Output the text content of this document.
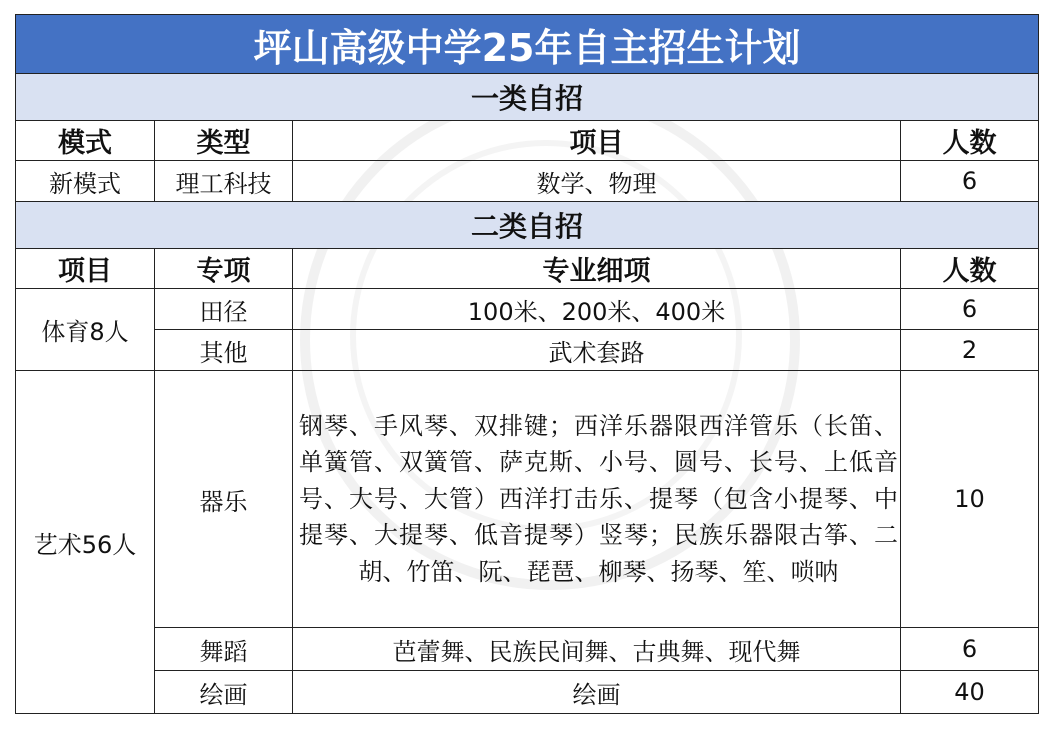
坪山高级中学25年自主招生计划			
一类自招			
模式	类型	项目	人数
新模式	理工科技	数学、物理	6
二类自招			
项目	专项	专业细项	人数
体育8人	田径	100米、200米、400米	6
	其他	武术套路	2
艺术56人	器乐	钢琴、手风琴、双排键；西洋乐器限西洋管乐（长笛、单簧管、双簧管、萨克斯、小号、圆号、长号、上低音号、大号、大管）西洋打击乐、提琴（包含小提琴、中提琴、大提琴、低音提琴）竖琴；民族乐器限古筝、二胡、竹笛、阮、琵琶、柳琴、扬琴、笙、唢呐	10
	舞蹈	芭蕾舞、民族民间舞、古典舞、现代舞	6
	绘画	绘画	40
